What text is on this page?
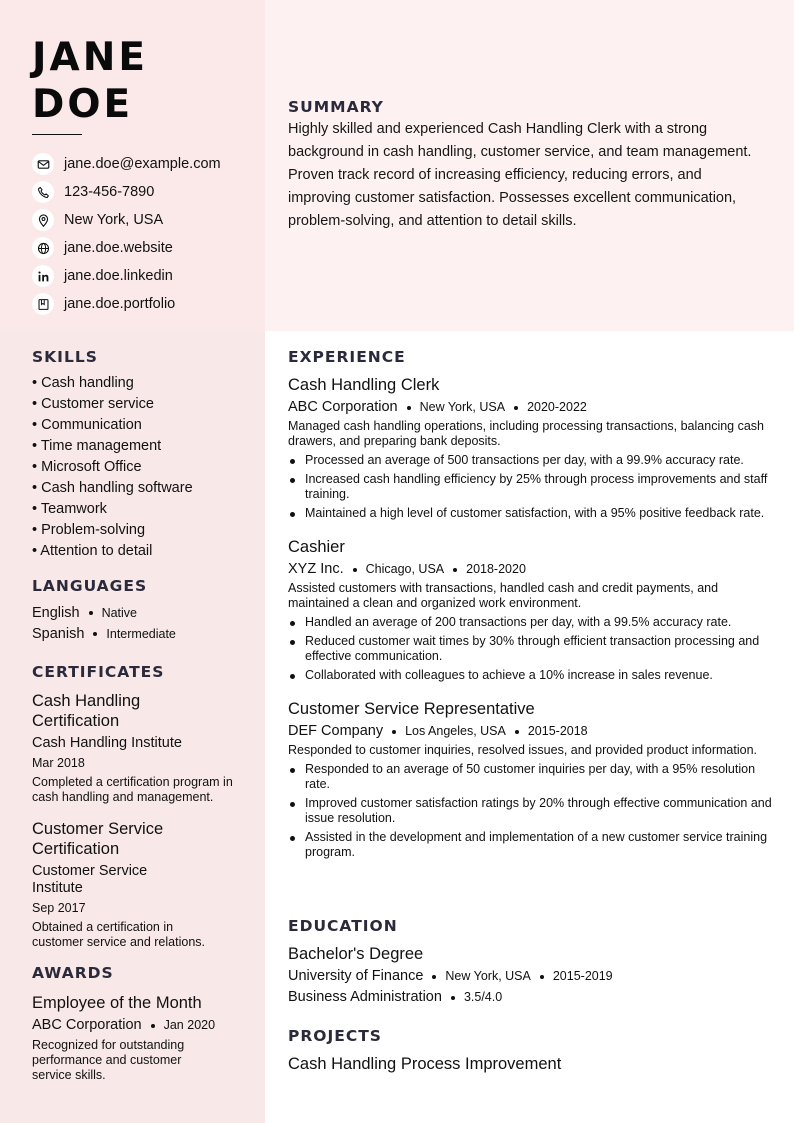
JANE
DOE
jane.doe@example.com
123-456-7890
New York, USA
jane.doe.website
jane.doe.linkedin
jane.doe.portfolio
SUMMARY
Highly skilled and experienced Cash Handling Clerk with a strong background in cash handling, customer service, and team management. Proven track record of increasing efficiency, reducing errors, and improving customer satisfaction. Possesses excellent communication, problem-solving, and attention to detail skills.
SKILLS
• Cash handling
• Customer service
• Communication
• Time management
• Microsoft Office
• Cash handling software
• Teamwork
• Problem-solving
• Attention to detail
LANGUAGES
English Native
Spanish Intermediate
CERTIFICATES
Cash Handling Certification
Cash Handling Institute
Mar 2018
Completed a certification program in cash handling and management.
Customer Service Certification
Customer Service Institute
Sep 2017
Obtained a certification in customer service and relations.
AWARDS
Employee of the Month
ABC Corporation Jan 2020
Recognized for outstanding performance and customer service skills.
EXPERIENCE
Cash Handling Clerk
ABC Corporation New York, USA 2020-2022
Managed cash handling operations, including processing transactions, balancing cash drawers, and preparing bank deposits.
Processed an average of 500 transactions per day, with a 99.9% accuracy rate.
Increased cash handling efficiency by 25% through process improvements and staff training.
Maintained a high level of customer satisfaction, with a 95% positive feedback rate.
Cashier
XYZ Inc. Chicago, USA 2018-2020
Assisted customers with transactions, handled cash and credit payments, and maintained a clean and organized work environment.
Handled an average of 200 transactions per day, with a 99.5% accuracy rate.
Reduced customer wait times by 30% through efficient transaction processing and effective communication.
Collaborated with colleagues to achieve a 10% increase in sales revenue.
Customer Service Representative
DEF Company Los Angeles, USA 2015-2018
Responded to customer inquiries, resolved issues, and provided product information.
Responded to an average of 50 customer inquiries per day, with a 95% resolution rate.
Improved customer satisfaction ratings by 20% through effective communication and issue resolution.
Assisted in the development and implementation of a new customer service training program.
EDUCATION
Bachelor's Degree
University of Finance New York, USA 2015-2019
Business Administration 3.5/4.0
PROJECTS
Cash Handling Process Improvement
